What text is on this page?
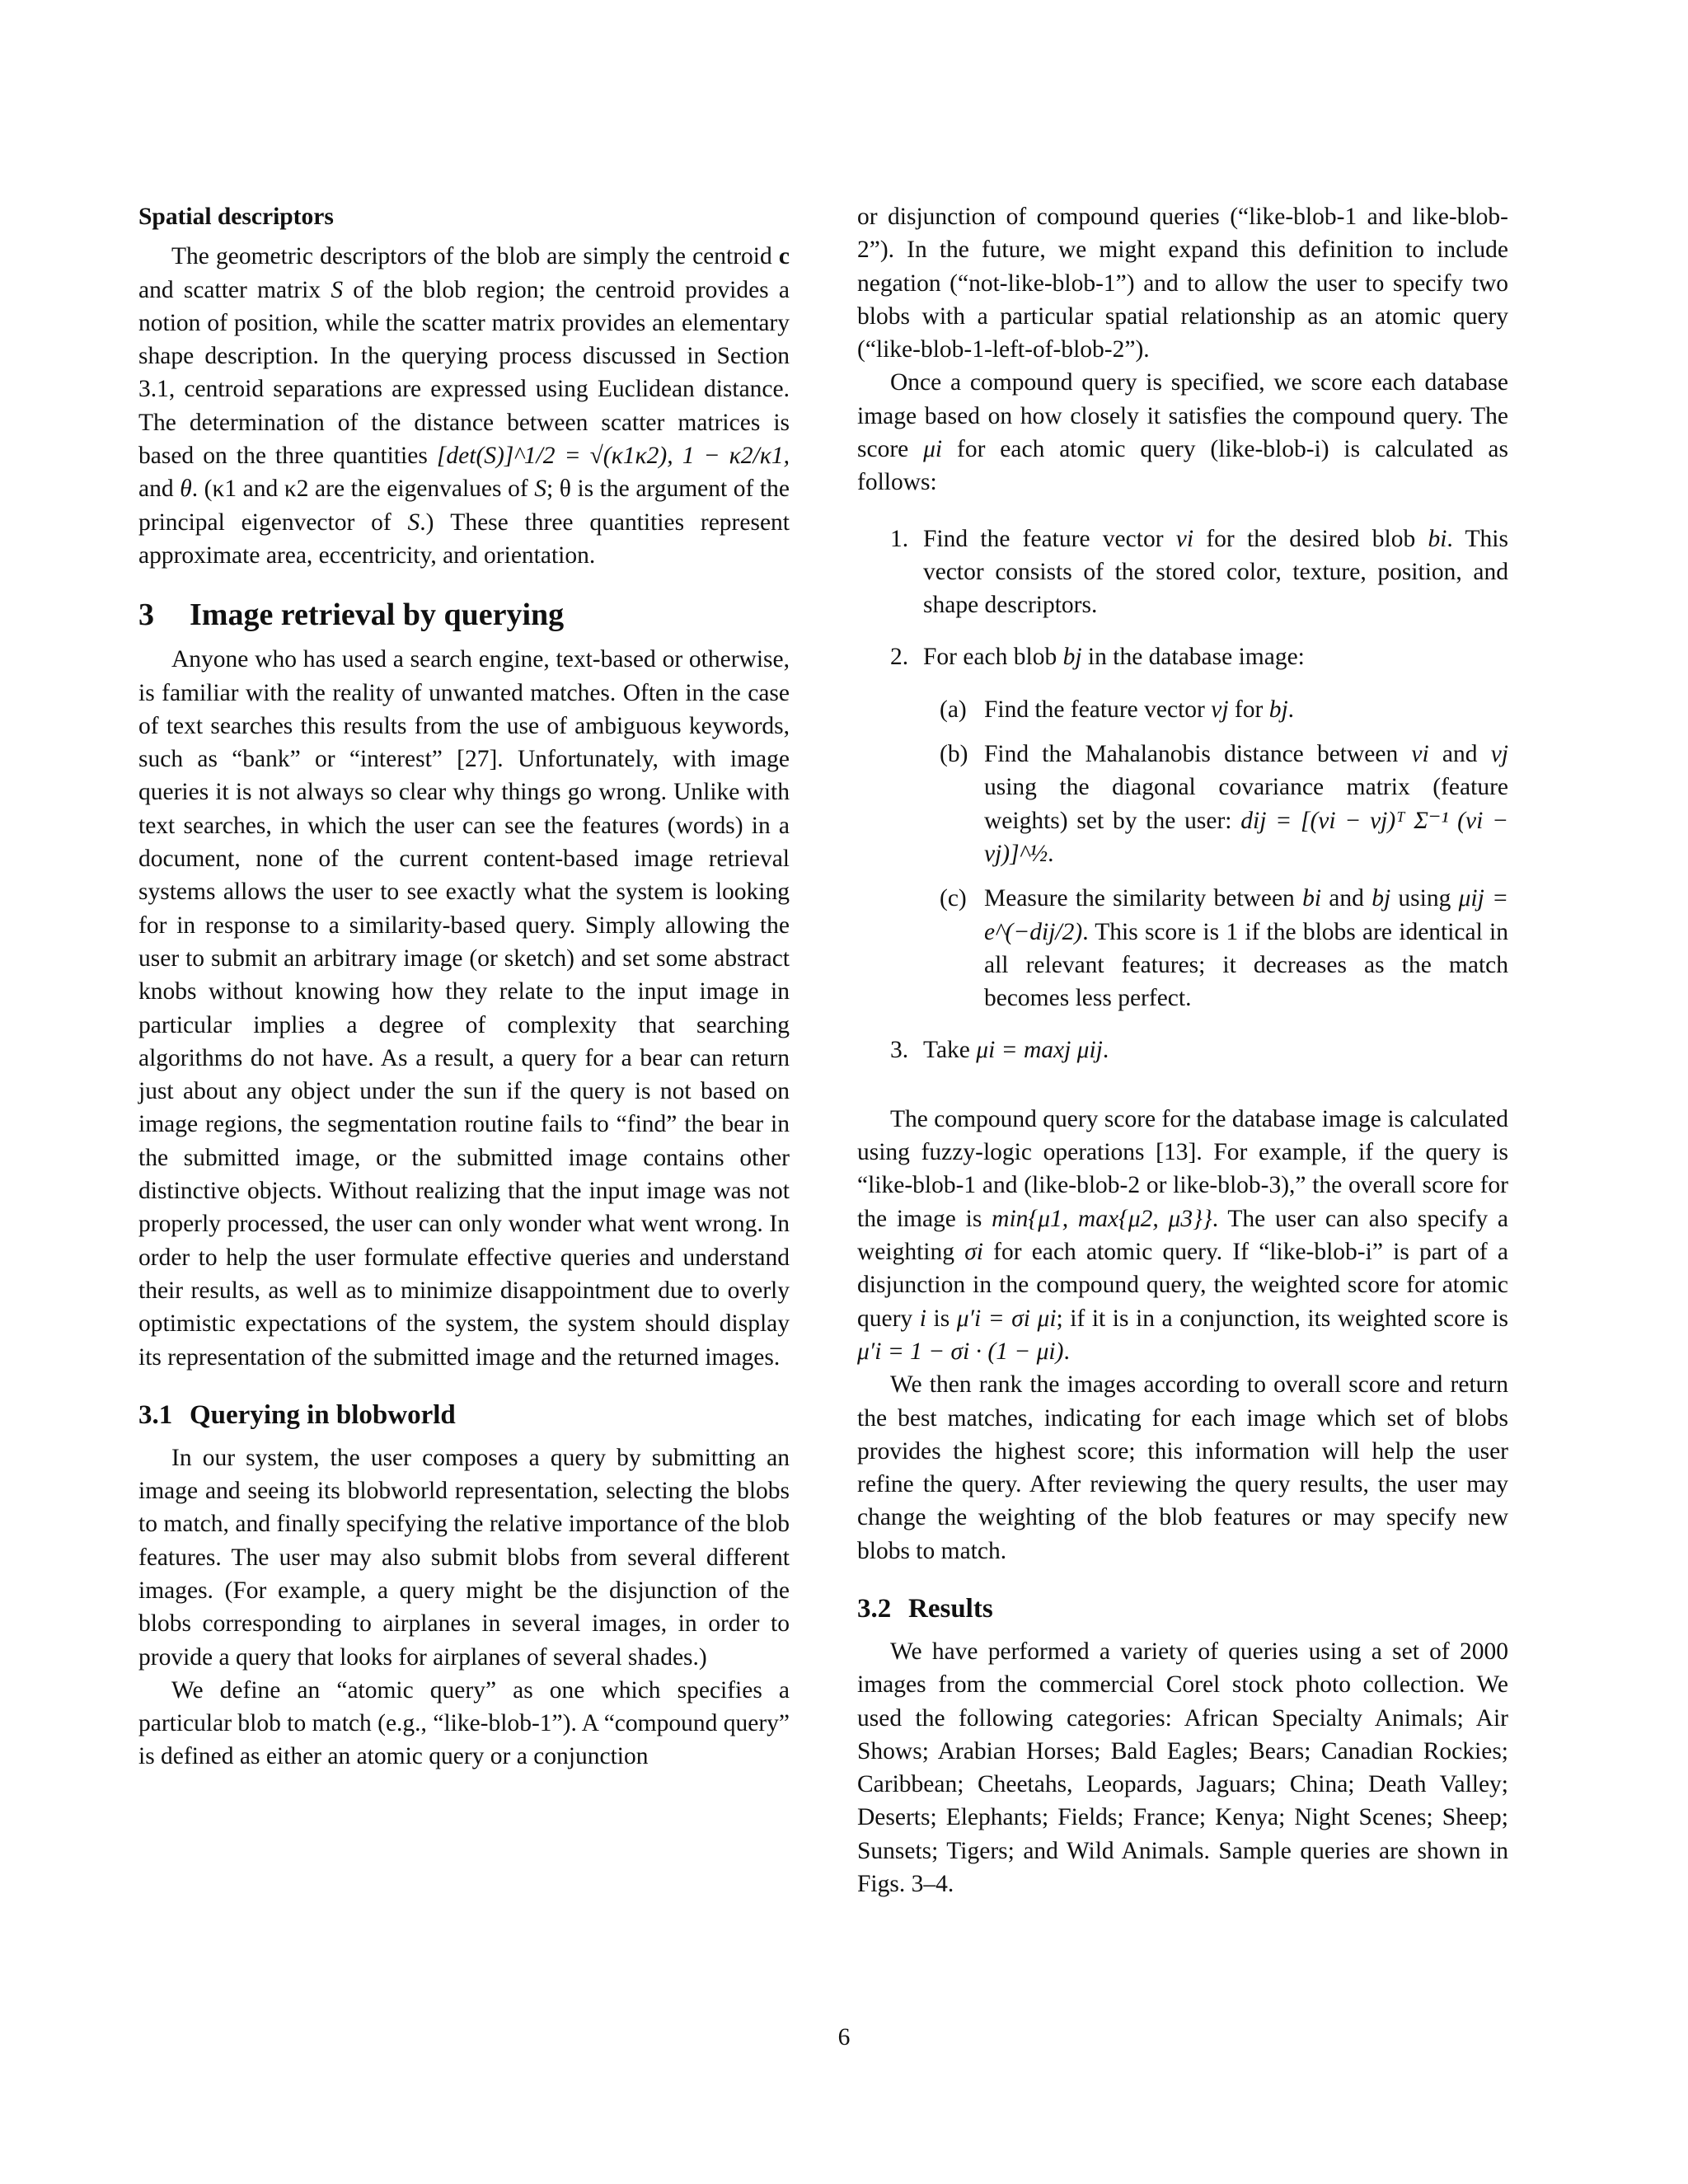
Spatial descriptors

The geometric descriptors of the blob are simply the centroid c and scatter matrix S of the blob region; the centroid provides a notion of position, while the scatter matrix provides an elementary shape description. In the querying process discussed in Section 3.1, centroid separations are expressed using Euclidean distance. The determination of the distance between scatter matrices is based on the three quantities [det(S)]^1/2 = √(κ1κ2), 1 − κ2/κ1, and θ. (κ1 and κ2 are the eigenvalues of S; θ is the argument of the principal eigenvector of S.) These three quantities represent approximate area, eccentricity, and orientation.

3 Image retrieval by querying

Anyone who has used a search engine, text-based or otherwise, is familiar with the reality of unwanted matches. Often in the case of text searches this results from the use of ambiguous keywords, such as “bank” or “interest” [27]. Unfortunately, with image queries it is not always so clear why things go wrong. Unlike with text searches, in which the user can see the features (words) in a document, none of the current content-based image retrieval systems allows the user to see exactly what the system is looking for in response to a similarity-based query. Simply allowing the user to submit an arbitrary image (or sketch) and set some abstract knobs without knowing how they relate to the input image in particular implies a degree of complexity that searching algorithms do not have. As a result, a query for a bear can return just about any object under the sun if the query is not based on image regions, the segmentation routine fails to “find” the bear in the submitted image, or the submitted image contains other distinctive objects. Without realizing that the input image was not properly processed, the user can only wonder what went wrong. In order to help the user formulate effective queries and understand their results, as well as to minimize disappointment due to overly optimistic expectations of the system, the system should display its representation of the submitted image and the returned images.

3.1 Querying in blobworld

In our system, the user composes a query by submitting an image and seeing its blobworld representation, selecting the blobs to match, and finally specifying the relative importance of the blob features. The user may also submit blobs from several different images. (For example, a query might be the disjunction of the blobs corresponding to airplanes in several images, in order to provide a query that looks for airplanes of several shades.)

We define an “atomic query” as one which specifies a particular blob to match (e.g., “like-blob-1”). A “compound query” is defined as either an atomic query or a conjunction

or disjunction of compound queries (“like-blob-1 and like-blob-2”). In the future, we might expand this definition to include negation (“not-like-blob-1”) and to allow the user to specify two blobs with a particular spatial relationship as an atomic query (“like-blob-1-left-of-blob-2”).

Once a compound query is specified, we score each database image based on how closely it satisfies the compound query. The score μi for each atomic query (like-blob-i) is calculated as follows:

1. Find the feature vector vi for the desired blob bi. This vector consists of the stored color, texture, position, and shape descriptors.
2. For each blob bj in the database image:
(a) Find the feature vector vj for bj.
(b) Find the Mahalanobis distance between vi and vj using the diagonal covariance matrix (feature weights) set by the user: dij = [(vi − vj)ᵀ Σ⁻¹ (vi − vj)]^½.
(c) Measure the similarity between bi and bj using μij = e^(−dij/2). This score is 1 if the blobs are identical in all relevant features; it decreases as the match becomes less perfect.
3. Take μi = maxj μij.

The compound query score for the database image is calculated using fuzzy-logic operations [13]. For example, if the query is “like-blob-1 and (like-blob-2 or like-blob-3),” the overall score for the image is min{μ1, max{μ2, μ3}}. The user can also specify a weighting σi for each atomic query. If “like-blob-i” is part of a disjunction in the compound query, the weighted score for atomic query i is μ′i = σi μi; if it is in a conjunction, its weighted score is μ′i = 1 − σi · (1 − μi).

We then rank the images according to overall score and return the best matches, indicating for each image which set of blobs provides the highest score; this information will help the user refine the query. After reviewing the query results, the user may change the weighting of the blob features or may specify new blobs to match.

3.2 Results

We have performed a variety of queries using a set of 2000 images from the commercial Corel stock photo collection. We used the following categories: African Specialty Animals; Air Shows; Arabian Horses; Bald Eagles; Bears; Canadian Rockies; Caribbean; Cheetahs, Leopards, Jaguars; China; Death Valley; Deserts; Elephants; Fields; France; Kenya; Night Scenes; Sheep; Sunsets; Tigers; and Wild Animals. Sample queries are shown in Figs. 3–4.

6
